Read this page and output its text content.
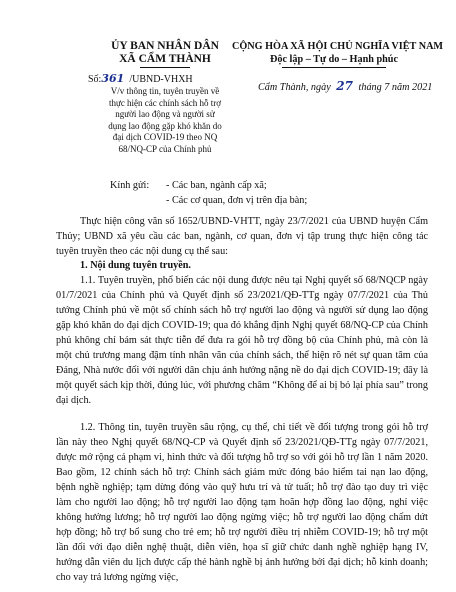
ỦY BAN NHÂN DÂN
XÃ CẨM THÀNH
Số:361 /UBND-VHXH
V/v thông tin, tuyên truyền về
thực hiện các chính sách hỗ trợ
người lao động và người sử
dụng lao động gặp khó khăn do
đại dịch COVID-19 theo NQ
68/NQ-CP của Chính phủ
CỘNG HÒA XÃ HỘI CHỦ NGHĨA VIỆT NAM
Độc lập – Tự do – Hạnh phúc
Cẩm Thành, ngày 27 tháng 7 năm 2021
Kính gửi: - Các ban, ngành cấp xã;
- Các cơ quan, đơn vị trên địa bàn;
Thực hiện công văn số 1652/UBND-VHTT, ngày 23/7/2021 của UBND huyện Cẩm Thủy; UBND xã yêu cầu các ban, ngành, cơ quan, đơn vị tập trung thực hiện công tác tuyên truyền theo các nội dung cụ thể sau:
1. Nội dung tuyên truyền.
1.1. Tuyên truyền, phổ biến các nội dung được nêu tại Nghị quyết số 68/NQCP ngày 01/7/2021 của Chính phủ và Quyết định số 23/2021/QĐ-TTg ngày 07/7/2021 của Thủ tướng Chính phủ về một số chính sách hỗ trợ người lao động và người sử dụng lao động gặp khó khăn do đại dịch COVID-19; qua đó khẳng định Nghị quyết 68/NQ-CP của Chính phủ không chỉ bám sát thực tiễn để đưa ra gói hỗ trợ đồng bộ của Chính phủ, mà còn là một chủ trương mang đậm tính nhân văn của chính sách, thể hiện rõ nét sự quan tâm của Đảng, Nhà nước đối với người dân chịu ảnh hưởng nặng nề do đại dịch COVID-19; đây là một quyết sách kịp thời, đúng lúc, với phương châm “Không để ai bị bỏ lại phía sau” trong đại dịch.
1.2. Thông tin, tuyên truyền sâu rộng, cụ thể, chi tiết về đối tượng trong gói hỗ trợ lần này theo Nghị quyết 68/NQ-CP và Quyết định số 23/2021/QĐ-TTg ngày 07/7/2021, được mở rộng cả phạm vi, hình thức và đối tượng hỗ trợ so với gói hỗ trợ lần 1 năm 2020. Bao gồm, 12 chính sách hỗ trợ: Chính sách giảm mức đóng bảo hiểm tai nạn lao động, bệnh nghề nghiệp; tạm dừng đóng vào quỹ hưu trí và tử tuất; hỗ trợ đào tạo duy trì việc làm cho người lao động; hỗ trợ người lao động tạm hoãn hợp đồng lao động, nghỉ việc không hưởng lương; hỗ trợ người lao động ngừng việc; hỗ trợ người lao động chấm dứt hợp đồng; hỗ trợ bổ sung cho trẻ em; hỗ trợ người điều trị nhiễm COVID-19; hỗ trợ một lần đối với đạo diễn nghệ thuật, diễn viên, họa sĩ giữ chức danh nghề nghiệp hạng IV, hướng dẫn viên du lịch được cấp thẻ hành nghề bị ảnh hưởng bởi đại dịch; hỗ kinh doanh; cho vay trả lương ngừng việc,
